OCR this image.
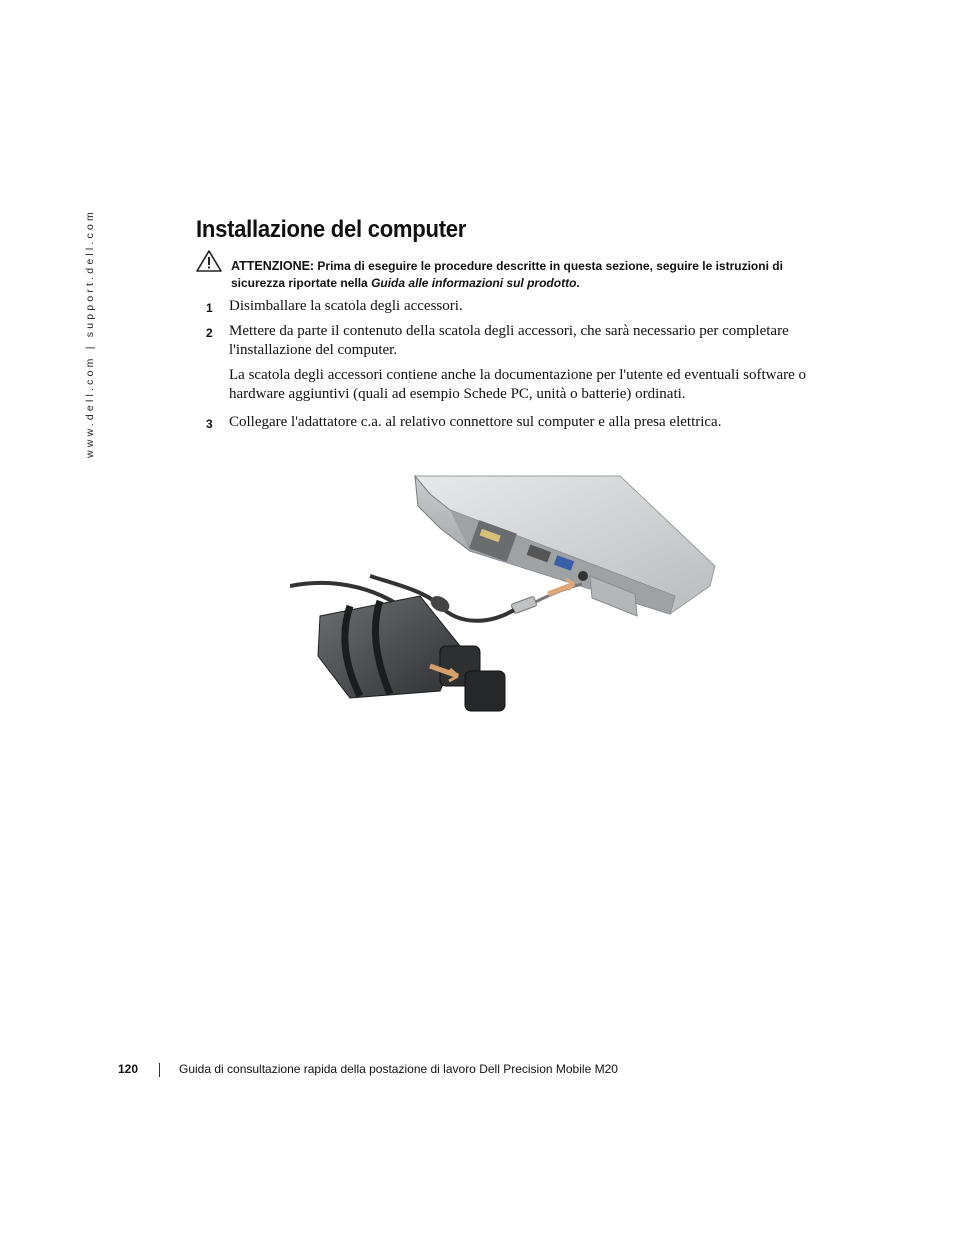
www.dell.com | support.dell.com	Installazione del computer
ATTENZIONE: Prima di eseguire le procedure descritte in questa sezione, seguire le istruzioni di sicurezza riportate nella Guida alle informazioni sul prodotto.
1 Disimballare la scatola degli accessori.
2 Mettere da parte il contenuto della scatola degli accessori, che sarà necessario per completare l'installazione del computer.
La scatola degli accessori contiene anche la documentazione per l'utente ed eventuali software o hardware aggiuntivi (quali ad esempio Schede PC, unità o batterie) ordinati.
3 Collegare l'adattatore c.a. al relativo connettore sul computer e alla presa elettrica.
120	Guida di consultazione rapida della postazione di lavoro Dell Precision Mobile M20
